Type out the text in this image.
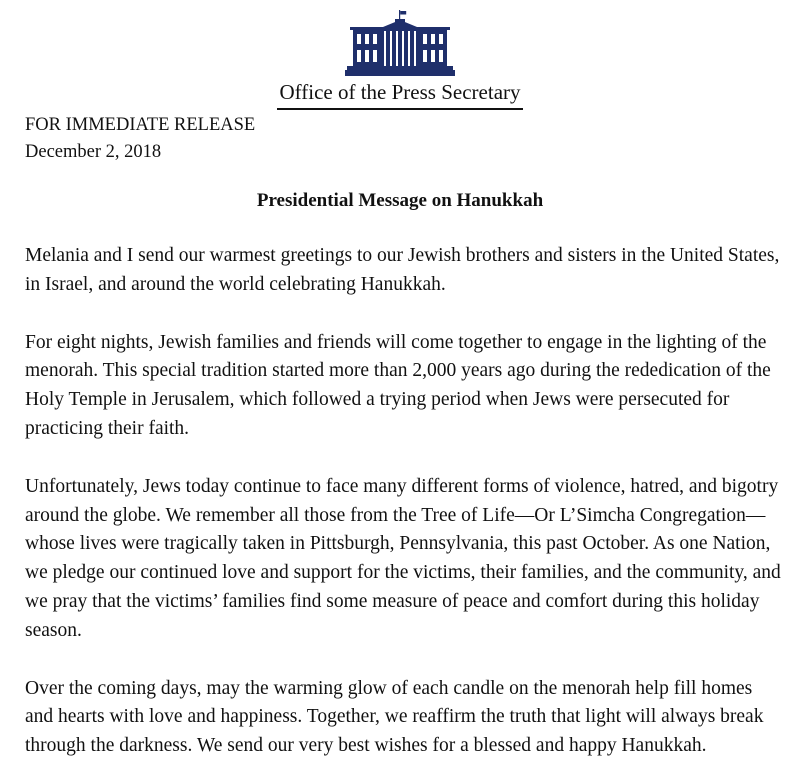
Office of the Press Secretary
FOR IMMEDIATE RELEASE
December 2, 2018
Presidential Message on Hanukkah

Melania and I send our warmest greetings to our Jewish brothers and sisters in the United States, in Israel, and around the world celebrating Hanukkah.

For eight nights, Jewish families and friends will come together to engage in the lighting of the menorah. This special tradition started more than 2,000 years ago during the rededication of the Holy Temple in Jerusalem, which followed a trying period when Jews were persecuted for practicing their faith.

Unfortunately, Jews today continue to face many different forms of violence, hatred, and bigotry around the globe. We remember all those from the Tree of Life—Or L’Simcha Congregation—whose lives were tragically taken in Pittsburgh, Pennsylvania, this past October. As one Nation, we pledge our continued love and support for the victims, their families, and the community, and we pray that the victims’ families find some measure of peace and comfort during this holiday season.

Over the coming days, may the warming glow of each candle on the menorah help fill homes and hearts with love and happiness. Together, we reaffirm the truth that light will always break through the darkness. We send our very best wishes for a blessed and happy Hanukkah.
